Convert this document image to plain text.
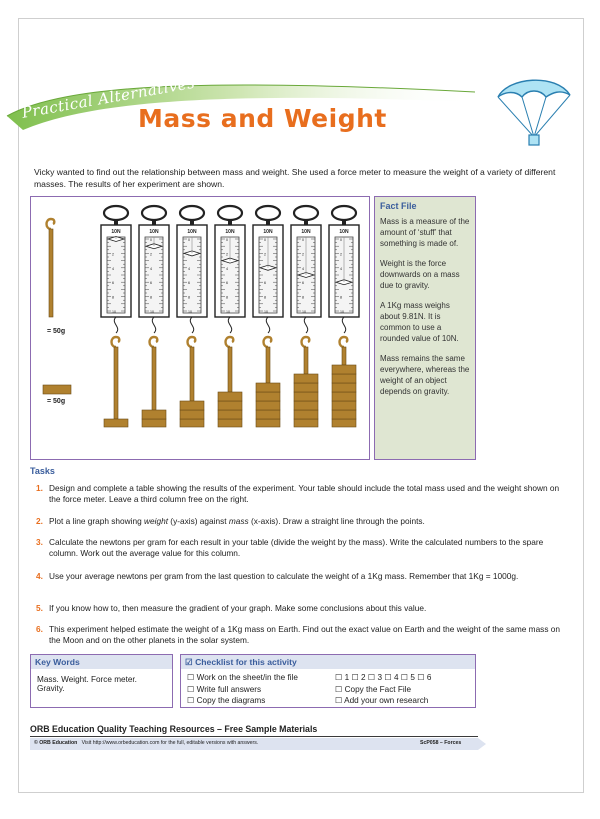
Practical Alternatives
Mass and Weight
Vicky wanted to find out the relationship between mass and weight. She used a force meter to measure the weight of a variety of different masses. The results of her experiment are shown.
10N
2
4
6
8
10
10N
0
2
4
6
8
10
10N
0
4
6
8
10
10N
0
2
4
6
8
10
10N
0
2
6
8
10
10N
0
2
4
6
8
10
10N
0
2
4
8
10
= 50g
= 50g
Fact File
Mass is a measure of the amount of ‘stuff’ that something is made of.
Weight is the force downwards on a mass due to gravity.
A 1Kg mass weighs about 9.81N. It is common to use a rounded value of 10N.
Mass remains the same everywhere, whereas the weight of an object depends on gravity.
Tasks
1. Design and complete a table showing the results of the experiment. Your table should include the total mass used and the weight shown on the force meter. Leave a third column free on the right.
2. Plot a line graph showing weight (y-axis) against mass (x-axis). Draw a straight line through the points.
3. Calculate the newtons per gram for each result in your table (divide the weight by the mass). Write the calculated numbers to the spare column. Work out the average value for this column.
4. Use your average newtons per gram from the last question to calculate the weight of a 1Kg mass. Remember that 1Kg = 1000g.
5. If you know how to, then measure the gradient of your graph. Make some conclusions about this value.
6. This experiment helped estimate the weight of a 1Kg mass on Earth. Find out the exact value on Earth and the weight of the same mass on the Moon and on the other planets in the solar system.
Key Words
Mass. Weight. Force meter. Gravity.
☑ Checklist for this activity
☐ Work on the sheet/in the file	☐ 1 ☐ 2 ☐ 3 ☐ 4 ☐ 5 ☐ 6
☐ Write full answers	☐ Copy the Fact File
☐ Copy the diagrams	☐ Add your own research
ORB Education Quality Teaching Resources – Free Sample Materials
© ORB Education Visit http://www.orbeducation.com for the full, editable versions with answers.	ScP058 – Forces
